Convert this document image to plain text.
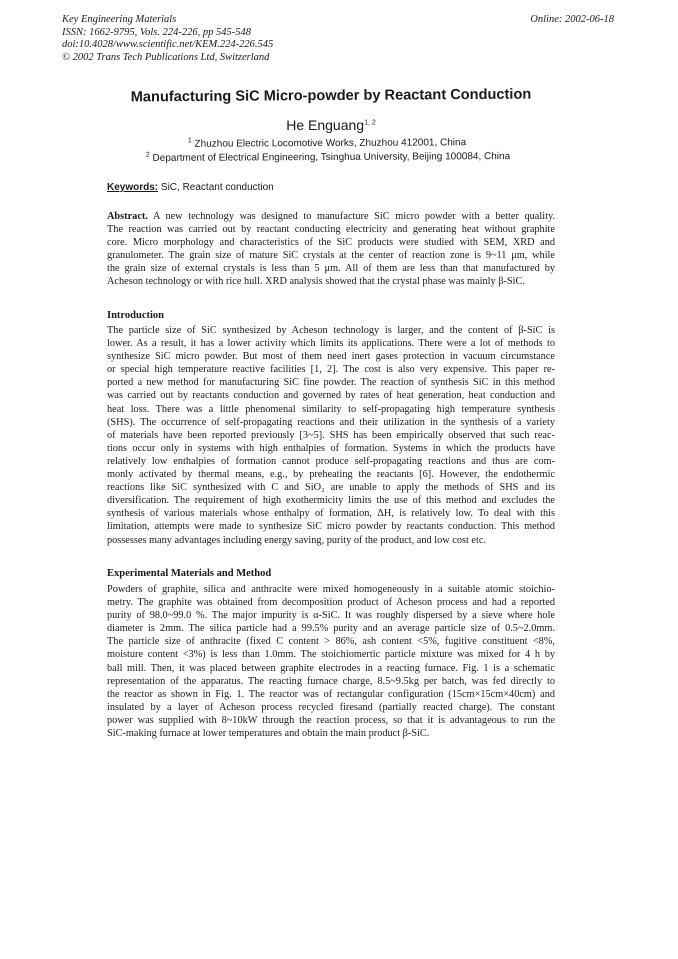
Key Engineering Materials
ISSN: 1662-9795, Vols. 224-226, pp 545-548
doi:10.4028/www.scientific.net/KEM.224-226.545
© 2002 Trans Tech Publications Ltd, Switzerland
Online: 2002-06-18
Manufacturing SiC Micro-powder by Reactant Conduction
He Enguang$^{1, 2}$
$^1$ Zhuzhou Electric Locomotive Works, Zhuzhou 412001, China
$^2$ Department of Electrical Engineering, Tsinghua University, Beijing 100084, China
Keywords: SiC, Reactant conduction
Abstract. A new technology was designed to manufacture SiC micro powder with a better quality.
The reaction was carried out by reactant conducting electricity and generating heat without graphite
core. Micro morphology and characteristics of the SiC products were studied with SEM, XRD and
granulometer. The grain size of mature SiC crystals at the center of reaction zone is 9~11 μm, while
the grain size of external crystals is less than 5 μm. All of them are less than that manufactured by
Acheson technology or with rice hull. XRD analysis showed that the crystal phase was mainly β-SiC.
Introduction
The particle size of SiC synthesized by Acheson technology is larger, and the content of β-SiC is
lower. As a result, it has a lower activity which limits its applications. There were a lot of methods to
synthesize SiC micro powder. But most of them need inert gases protection in vacuum circumstance
or special high temperature reactive facilities [1, 2]. The cost is also very expensive. This paper re-
ported a new method for manufacturing SiC fine powder. The reaction of synthesis SiC in this method
was carried out by reactants conduction and governed by rates of heat generation, heat conduction and
heat loss. There was a little phenomenal similarity to self-propagating high temperature synthesis
(SHS). The occurrence of self-propagating reactions and their utilization in the synthesis of a variety
of materials have been reported previously [3~5]. SHS has been empirically observed that such reac-
tions occur only in systems with high enthalpies of formation. Systems in which the products have
relatively low enthalpies of formation cannot produce self-propagating reactions and thus are com-
monly activated by thermal means, e.g., by preheating the reactants [6]. However, the endothermic
reactions like SiC synthesized with C and SiO₂ are unable to apply the methods of SHS and its
diversification. The requirement of high exothermicity limits the use of this method and excludes the
synthesis of various materials whose enthalpy of formation, ΔH, is relatively low. To deal with this
limitation, attempts were made to synthesize SiC micro powder by reactants conduction. This method
possesses many advantages including energy saving, purity of the product, and low cost etc.
Experimental Materials and Method
Powders of graphite, silica and anthracite were mixed homogeneously in a suitable atomic stoichio-
metry. The graphite was obtained from decomposition product of Acheson process and had a reported
purity of 98.0~99.0 %. The major impurity is α-SiC. It was roughly dispersed by a sieve where hole
diameter is 2mm. The silica particle had a 99.5% purity and an average particle size of 0.5~2.0mm.
The particle size of anthracite (fixed C content > 86%, ash content <5%, fugitive constituent <8%,
moisture content <3%) is less than 1.0mm. The stoichiomertic particle mixture was mixed for 4 h by
ball mill. Then, it was placed between graphite electrodes in a reacting furnace. Fig. 1 is a schematic
representation of the apparatus. The reacting furnace charge, 8.5~9.5kg per batch, was fed directly to
the reactor as shown in Fig. 1. The reactor was of rectangular configuration (15cm×15cm×40cm) and
insulated by a layer of Acheson process recycled firesand (partially reacted charge). The constant
power was supplied with 8~10kW through the reaction process, so that it is advantageous to run the
SiC-making furnace at lower temperatures and obtain the main product β-SiC.
